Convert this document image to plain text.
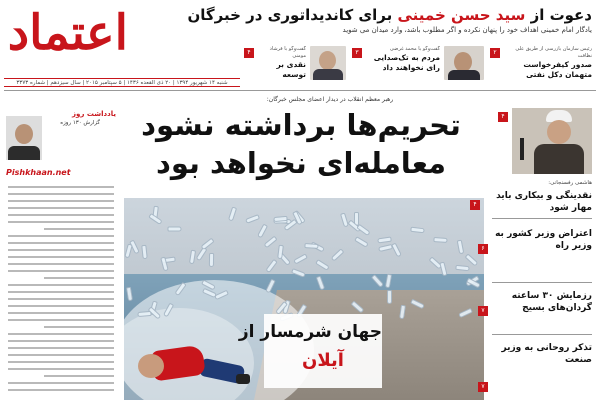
اعتماد
شنبه ۱۴ شهریور ۱۳۹۴ | ۲۰ ذی القعده ۱۴۳۶ | ۵ سپتامبر ۲۰۱۵ | سال سیزدهم | شماره ۳۳۷۳
دعوت از سید حسن خمینی برای کاندیداتوری در خبرگان
یادگار امام خمینی اهداف خود را پنهان نکرده و اگر مطلوب باشد، وارد میدان می شوید
رئیس سازمان بازرسی از طریق علی نظافت
صدور کیفرخواست متهمان دکل نفتی
۲
گفت‌وگو با محمد غرضی
مردم به تک‌صدایی رای نخواهند داد
۳
گفت‌وگو با فرشاد مومنی
نقدی بر توسعه
۴
رهبر معظم انقلاب در دیدار اعضای مجلس خبرگان:
تحریم‌ها برداشته نشود
معامله‌ای نخواهد بود
جهان شرمسار از
آیلان
۴
یادداشت روز
گزارش ۱۳۰ روزه
Pishkhaan.net
۴
هاشمی رفسنجانی:
نقدینگی و بیکاری باید مهار شود
اعتراض وزیر کشور به وزیر راه
۶
رزمایش ۳۰ ساعته گردان‌های بسیج
۷
تذکر روحانی به وزیر صنعت
۷
